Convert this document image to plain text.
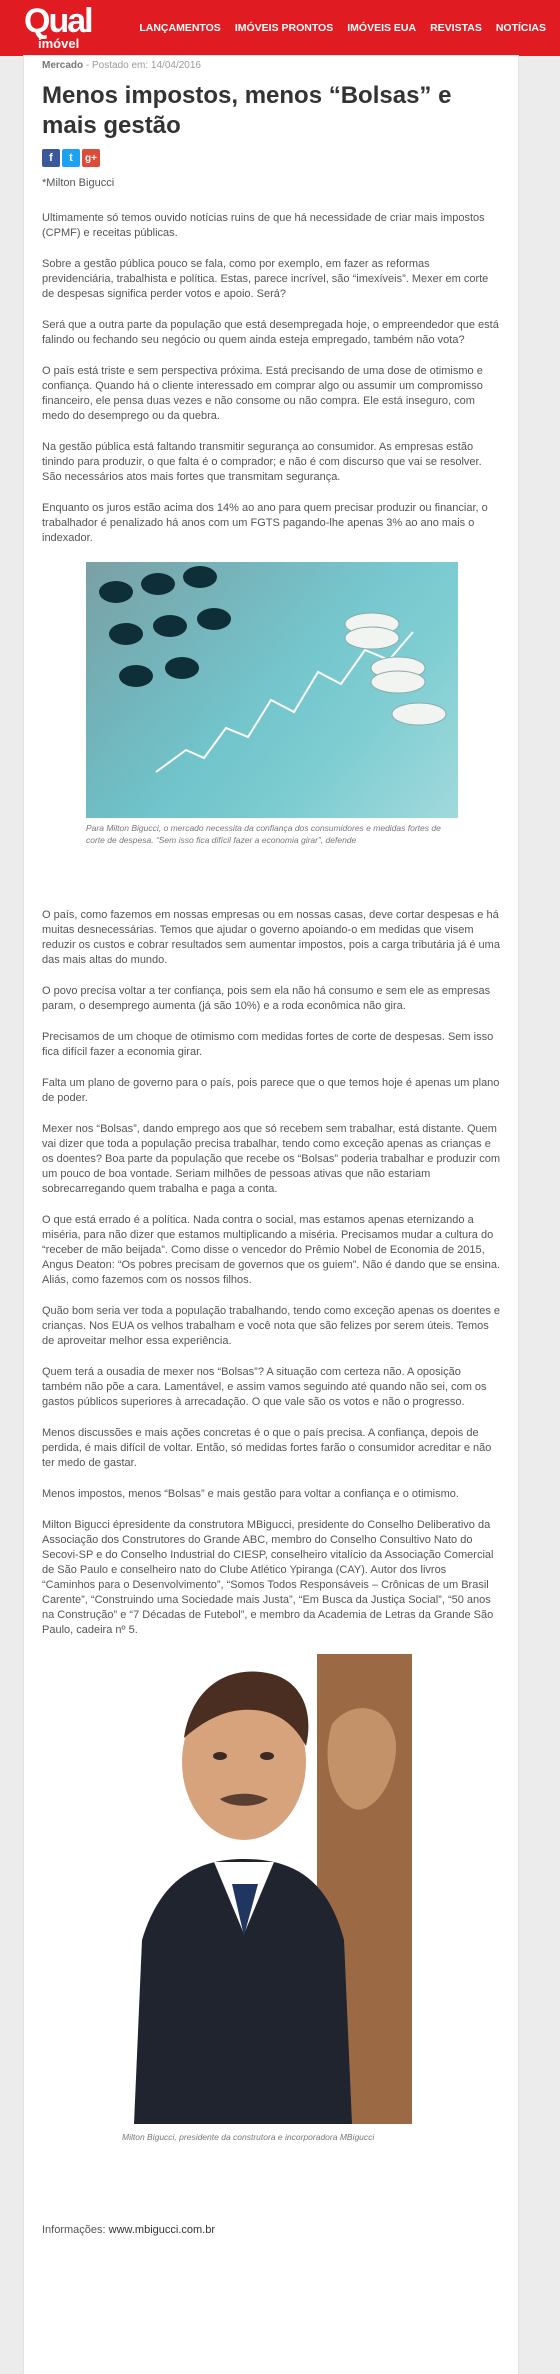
Qual
imóvel
LANÇAMENTOS IMÓVEIS PRONTOS IMÓVEIS EUA REVISTAS NOTÍCIAS
Mercado - Postado em: 14/04/2016
Menos impostos, menos “Bolsas” e mais gestão
f	t	g+
*Milton Bigucci

Ultimamente só temos ouvido notícias ruins de que há necessidade de criar mais impostos (CPMF) e receitas públicas.

Sobre a gestão pública pouco se fala, como por exemplo, em fazer as reformas previdenciária, trabalhista e política. Estas, parece incrível, são “imexíveis”. Mexer em corte de despesas significa perder votos e apoio. Será?

Será que a outra parte da população que está desempregada hoje, o empreendedor que está falindo ou fechando seu negócio ou quem ainda esteja empregado, também não vota?

O país está triste e sem perspectiva próxima. Está precisando de uma dose de otimismo e confiança. Quando há o cliente interessado em comprar algo ou assumir um compromisso financeiro, ele pensa duas vezes e não consome ou não compra. Ele está inseguro, com medo do desemprego ou da quebra.

Na gestão pública está faltando transmitir segurança ao consumidor. As empresas estão tinindo para produzir, o que falta é o comprador; e não é com discurso que vai se resolver. São necessários atos mais fortes que transmitam segurança.

Enquanto os juros estão acima dos 14% ao ano para quem precisar produzir ou financiar, o trabalhador é penalizado há anos com um FGTS pagando-lhe apenas 3% ao ano mais o indexador.

Para Milton Bigucci, o mercado necessita da confiança dos consumidores e medidas fortes de corte de despesa. “Sem isso fica difícil fazer a economia girar”, defende

O país, como fazemos em nossas empresas ou em nossas casas, deve cortar despesas e há muitas desnecessárias. Temos que ajudar o governo apoiando-o em medidas que visem reduzir os custos e cobrar resultados sem aumentar impostos, pois a carga tributária já é uma das mais altas do mundo.

O povo precisa voltar a ter confiança, pois sem ela não há consumo e sem ele as empresas param, o desemprego aumenta (já são 10%) e a roda econômica não gira.

Precisamos de um choque de otimismo com medidas fortes de corte de despesas. Sem isso fica difícil fazer a economia girar.

Falta um plano de governo para o país, pois parece que o que temos hoje é apenas um plano de poder.

Mexer nos “Bolsas”, dando emprego aos que só recebem sem trabalhar, está distante. Quem vai dizer que toda a população precisa trabalhar, tendo como exceção apenas as crianças e os doentes? Boa parte da população que recebe os “Bolsas” poderia trabalhar e produzir com um pouco de boa vontade. Seriam milhões de pessoas ativas que não estariam sobrecarregando quem trabalha e paga a conta.

O que está errado é a política. Nada contra o social, mas estamos apenas eternizando a miséria, para não dizer que estamos multiplicando a miséria. Precisamos mudar a cultura do “receber de mão beijada”. Como disse o vencedor do Prêmio Nobel de Economia de 2015, Angus Deaton: “Os pobres precisam de governos que os guiem”. Não é dando que se ensina. Aliás, como fazemos com os nossos filhos.

Quão bom seria ver toda a população trabalhando, tendo como exceção apenas os doentes e crianças. Nos EUA os velhos trabalham e você nota que são felizes por serem úteis. Temos de aproveitar melhor essa experiência.

Quem terá a ousadia de mexer nos “Bolsas”? A situação com certeza não. A oposição também não põe a cara. Lamentável, e assim vamos seguindo até quando não sei, com os gastos públicos superiores à arrecadação. O que vale são os votos e não o progresso.

Menos discussões e mais ações concretas é o que o país precisa. A confiança, depois de perdida, é mais difícil de voltar. Então, só medidas fortes farão o consumidor acreditar e não ter medo de gastar.

Menos impostos, menos “Bolsas” e mais gestão para voltar a confiança e o otimismo.

Milton Bigucci épresidente da construtora MBigucci, presidente do Conselho Deliberativo da Associação dos Construtores do Grande ABC, membro do Conselho Consultivo Nato do Secovi-SP e do Conselho Industrial do CIESP, conselheiro vitalício da Associação Comercial de São Paulo e conselheiro nato do Clube Atlético Ypiranga (CAY). Autor dos livros “Caminhos para o Desenvolvimento”, “Somos Todos Responsáveis – Crônicas de um Brasil Carente”, “Construindo uma Sociedade mais Justa”, “Em Busca da Justiça Social”, “50 anos na Construção” e “7 Décadas de Futebol”, e membro da Academia de Letras da Grande São Paulo, cadeira nº 5.

Milton Bigucci, presidente da construtora e incorporadora MBigucci
Informações: www.mbigucci.com.br
